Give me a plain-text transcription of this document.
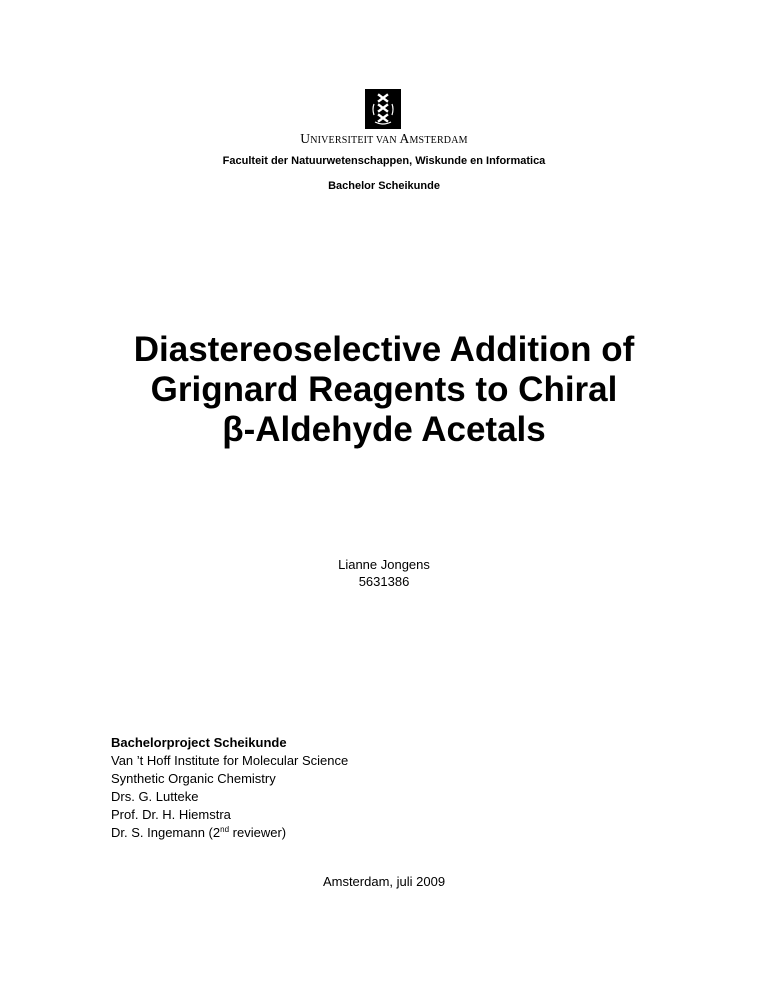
UNIVERSITEIT VAN AMSTERDAM
Faculteit der Natuurwetenschappen, Wiskunde en Informatica
Bachelor Scheikunde
Diastereoselective Addition of
Grignard Reagents to Chiral
β-Aldehyde Acetals
Lianne Jongens
5631386
Bachelorproject Scheikunde
Van ’t Hoff Institute for Molecular Science
Synthetic Organic Chemistry
Drs. G. Lutteke
Prof. Dr. H. Hiemstra
Dr. S. Ingemann (2nd reviewer)
Amsterdam, juli 2009
